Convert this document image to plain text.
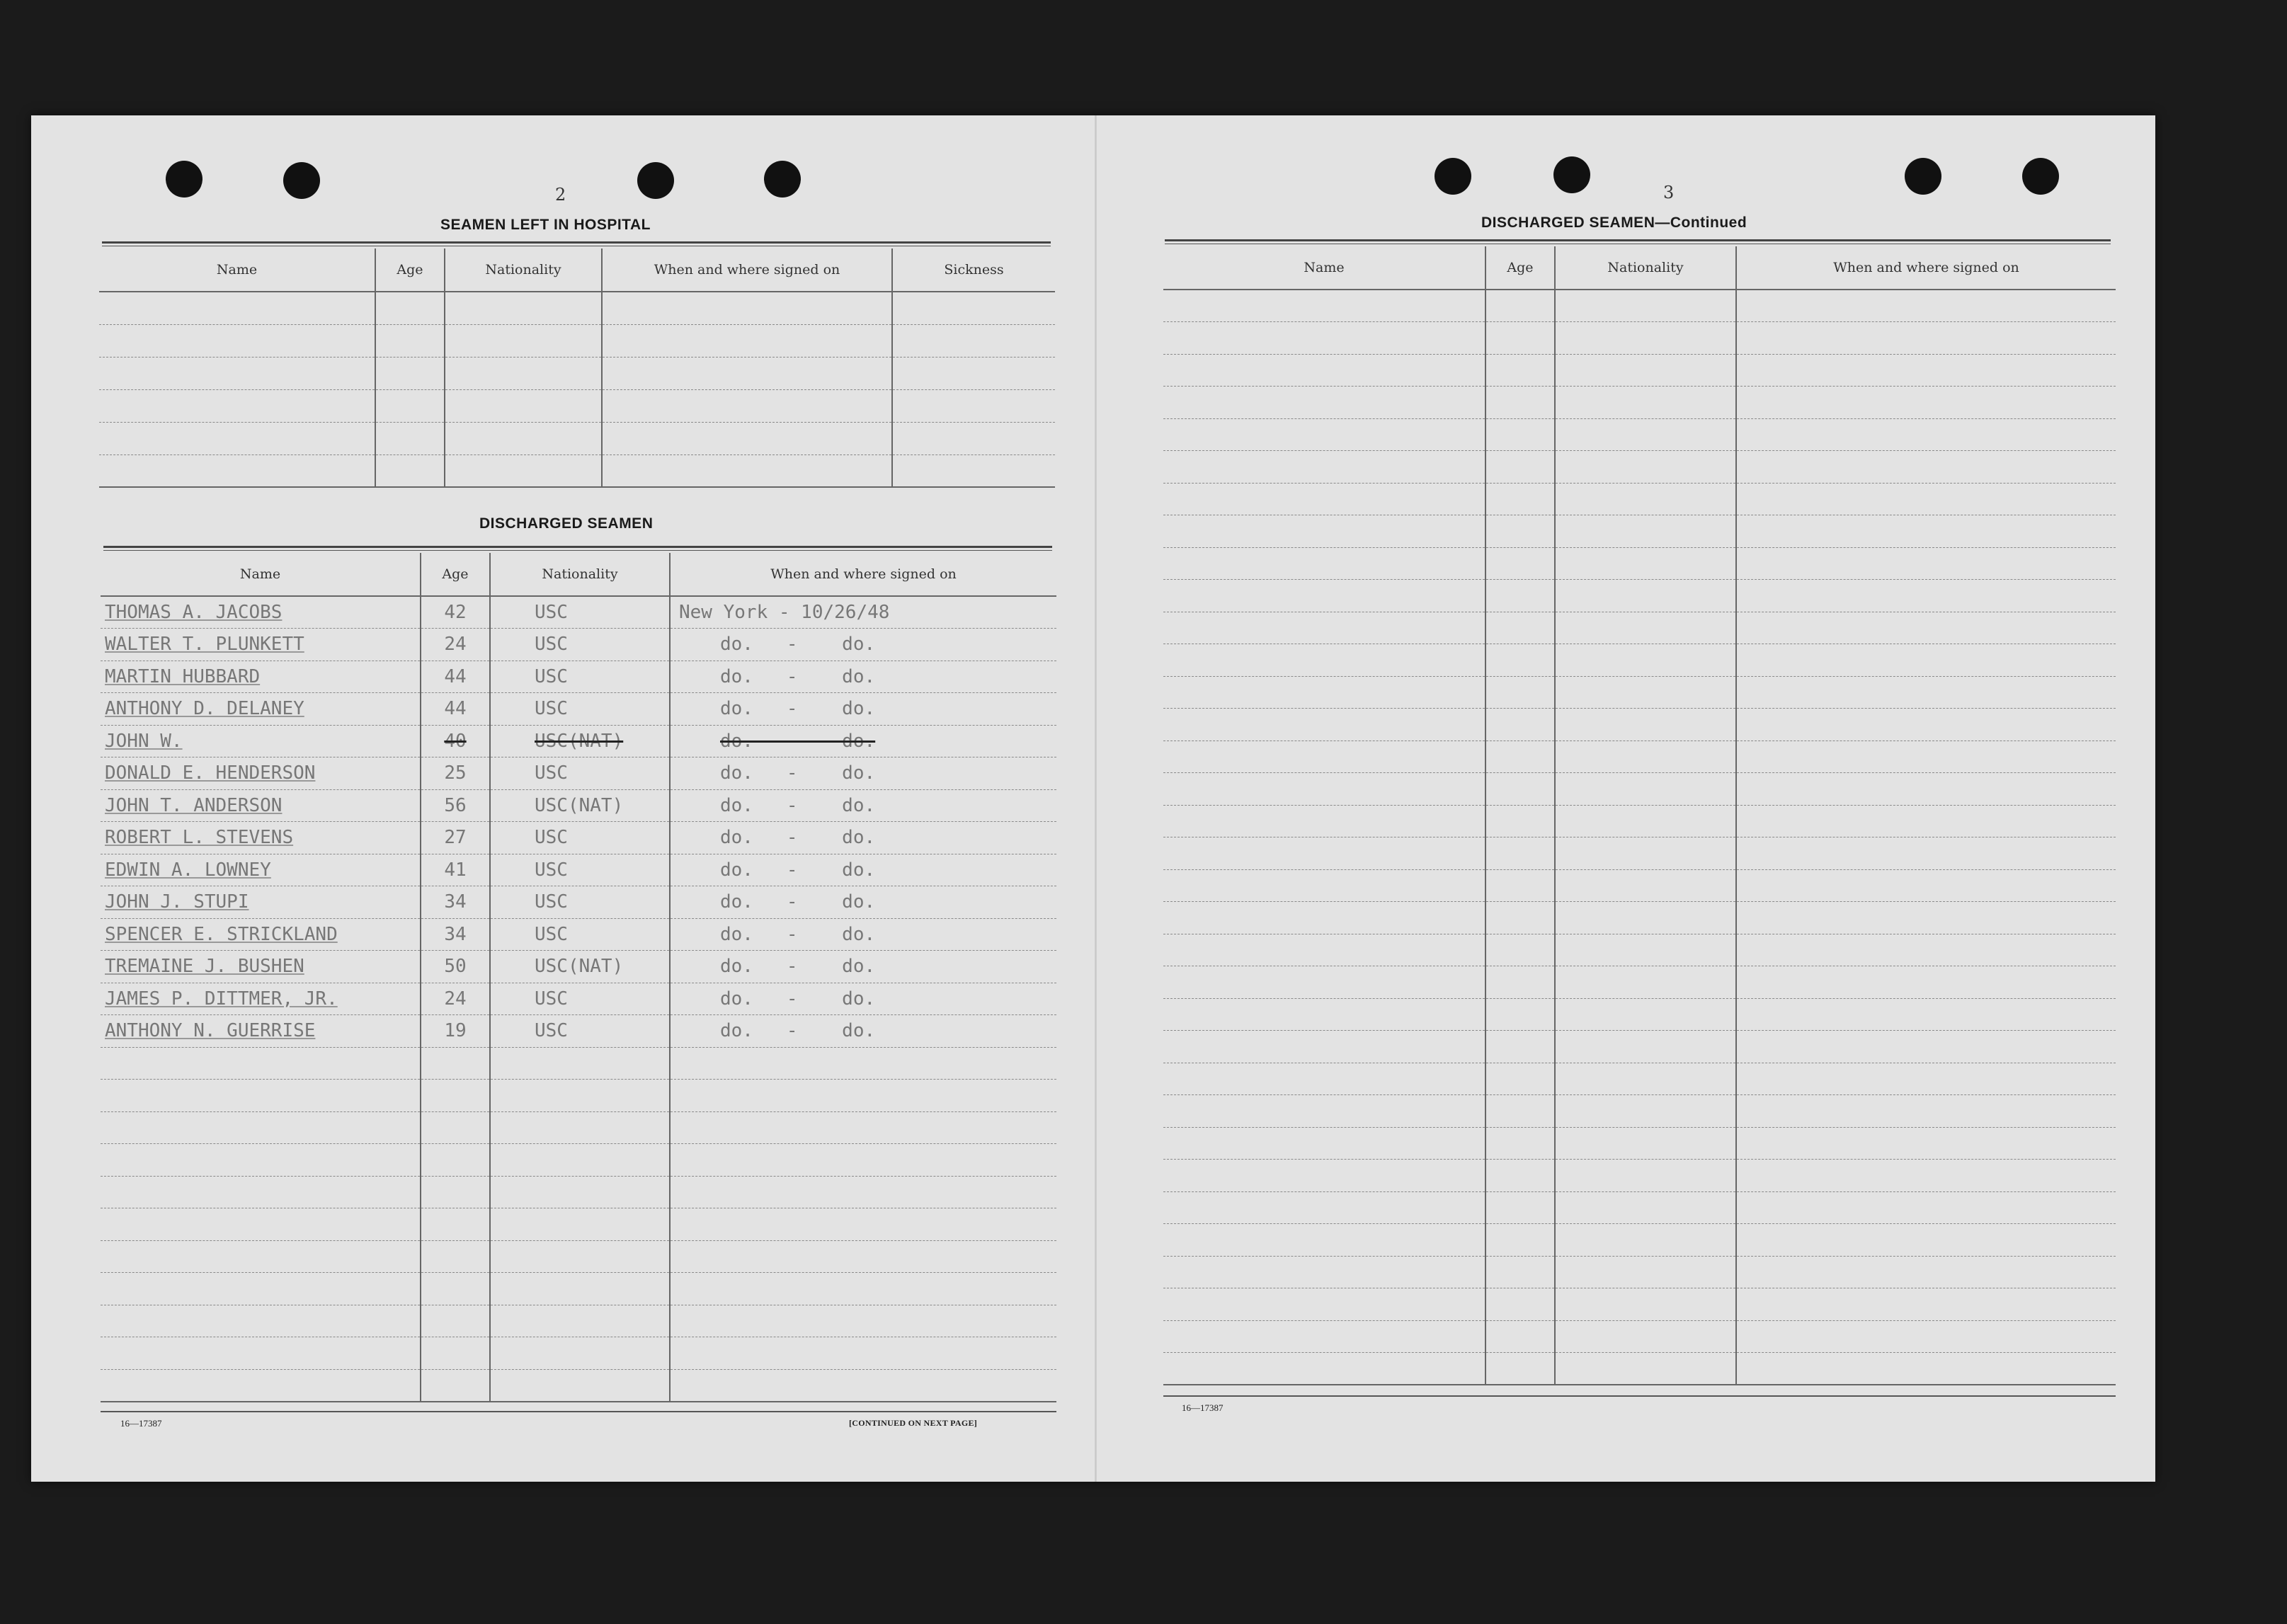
2
SEAMEN LEFT IN HOSPITAL
Name	Age	Nationality	When and where signed on	Sickness

DISCHARGED SEAMEN
Name	Age	Nationality	When and where signed on
THOMAS A. JACOBS	42	USC	New York - 10/26/48
WALTER T. PLUNKETT	24	USC	do.   -    do.
MARTIN HUBBARD	44	USC	do.   -    do.
ANTHONY D. DELANEY	44	USC	do.   -    do.
JOHN W.	40	USC(NAT)	do.   -    do.
DONALD E. HENDERSON	25	USC	do.   -    do.
JOHN T. ANDERSON	56	USC(NAT)	do.   -    do.
ROBERT L. STEVENS	27	USC	do.   -    do.
EDWIN A. LOWNEY	41	USC	do.   -    do.
JOHN J. STUPI	34	USC	do.   -    do.
SPENCER E. STRICKLAND	34	USC	do.   -    do.
TREMAINE J. BUSHEN	50	USC(NAT)	do.   -    do.
JAMES P. DITTMER, JR.	24	USC	do.   -    do.
ANTHONY N. GUERRISE	19	USC	do.   -    do.

16—17387	[CONTINUED ON NEXT PAGE]
3
DISCHARGED SEAMEN—Continued
Name	Age	Nationality	When and where signed on

16—17387
